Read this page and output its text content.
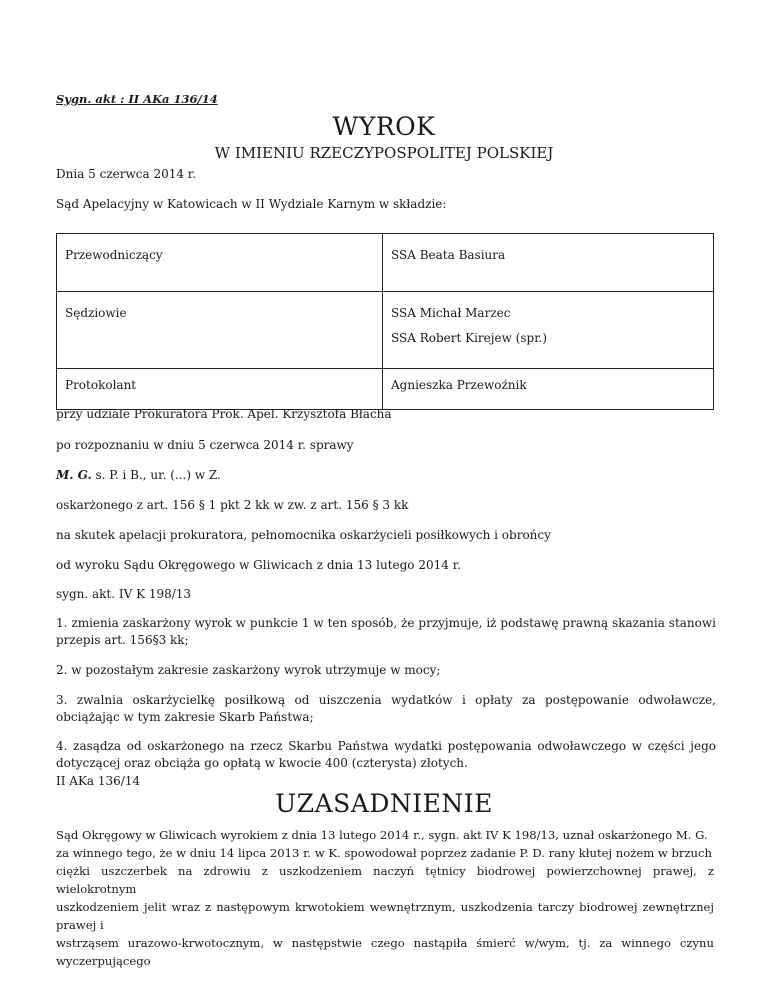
Sygn. akt : II AKa 136/14
WYROK
W IMIENIU RZECZYPOSPOLITEJ POLSKIEJ
Dnia 5 czerwca 2014 r.
Sąd Apelacyjny w Katowicach w II Wydziale Karnym w składzie:
Przewodniczący	SSA Beata Basiura
Sędziowie	SSA Michał Marzec
SSA Robert Kirejew (spr.)

Protokolant	Agnieszka Przewoźnik
przy udziale Prokuratora Prok. Apel. Krzysztofa Błacha
po rozpoznaniu w dniu 5 czerwca 2014 r. sprawy
M. G. s. P. i B., ur. (...) w Z.
oskarżonego z art. 156 § 1 pkt 2 kk w zw. z art. 156 § 3 kk
na skutek apelacji prokuratora, pełnomocnika oskarżycieli posiłkowych i obrońcy
od wyroku Sądu Okręgowego w Gliwicach z dnia 13 lutego 2014 r.
sygn. akt. IV K 198/13
1. zmienia zaskarżony wyrok w punkcie 1 w ten sposób, że przyjmuje, iż podstawę prawną skazania stanowi przepis art. 156§3 kk;
2. w pozostałym zakresie zaskarżony wyrok utrzymuje w mocy;
3. zwalnia oskarżycielkę posiłkową od uiszczenia wydatków i opłaty za postępowanie odwoławcze, obciążając w tym zakresie Skarb Państwa;
4. zasądza od oskarżonego na rzecz Skarbu Państwa wydatki postępowania odwoławczego w części jego dotyczącej oraz obciąża go opłatą w kwocie 400 (czterysta) złotych.
II AKa 136/14
UZASADNIENIE
Sąd Okręgowy w Gliwicach wyrokiem z dnia 13 lutego 2014 r., sygn. akt IV K 198/13, uznał oskarżonego M. G.
za winnego tego, że w dniu 14 lipca 2013 r. w K. spowodował poprzez zadanie P. D. rany kłutej nożem w brzuch
ciężki uszczerbek na zdrowiu z uszkodzeniem naczyń tętnicy biodrowej powierzchownej prawej, z wielokrotnym
uszkodzeniem jelit wraz z następowym krwotokiem wewnętrznym, uszkodzenia tarczy biodrowej zewnętrznej prawej i
wstrząsem urazowo-krwotocznym, w następstwie czego nastąpiła śmierć w/wym, tj. za winnego czynu wyczerpującego
